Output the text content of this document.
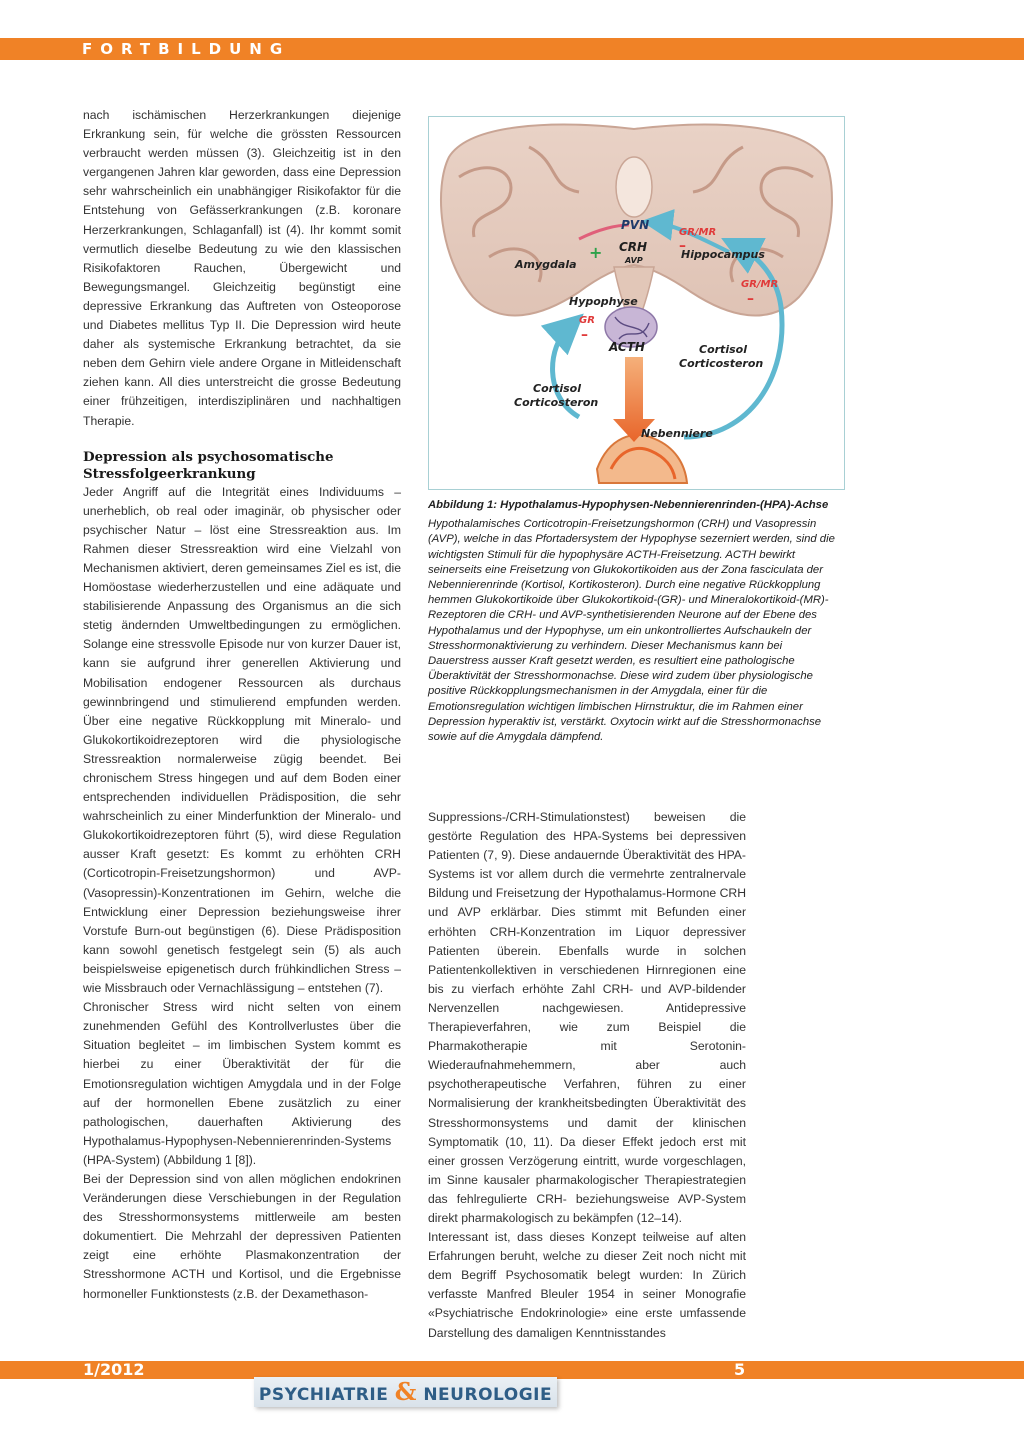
FORTBILDUNG

nach ischämischen Herzerkrankungen diejenige Erkrankung sein, für welche die grössten Ressourcen verbraucht werden müssen (3). Gleichzeitig ist in den vergangenen Jahren klar geworden, dass eine Depression sehr wahrscheinlich ein unabhängiger Risikofaktor für die Entstehung von Gefässerkrankungen (z.B. koronare Herzerkrankungen, Schlaganfall) ist (4). Ihr kommt somit vermutlich dieselbe Bedeutung zu wie den klassischen Risikofaktoren Rauchen, Übergewicht und Bewegungsmangel. Gleichzeitig begünstigt eine depressive Erkrankung das Auftreten von Osteoporose und Diabetes mellitus Typ II. Die Depression wird heute daher als systemische Erkrankung betrachtet, da sie neben dem Gehirn viele andere Organe in Mitleidenschaft ziehen kann. All dies unterstreicht die grosse Bedeutung einer frühzeitigen, interdisziplinären und nachhaltigen Therapie.

Depression als psychosomatische Stressfolgeerkrankung

Jeder Angriff auf die Integrität eines Individuums – unerheblich, ob real oder imaginär, ob physischer oder psychischer Natur – löst eine Stressreaktion aus. Im Rahmen dieser Stressreaktion wird eine Vielzahl von Mechanismen aktiviert, deren gemeinsames Ziel es ist, die Homöostase wiederherzustellen und eine adäquate und stabilisierende Anpassung des Organismus an die sich stetig ändernden Umweltbedingungen zu ermöglichen. Solange eine stressvolle Episode nur von kurzer Dauer ist, kann sie aufgrund ihrer generellen Aktivierung und Mobilisation endogener Ressourcen als durchaus gewinnbringend und stimulierend empfunden werden. Über eine negative Rückkopplung mit Mineralo- und Glukokortikoidrezeptoren wird die physiologische Stressreaktion normalerweise zügig beendet. Bei chronischem Stress hingegen und auf dem Boden einer entsprechenden individuellen Prädisposition, die sehr wahrscheinlich zu einer Minderfunktion der Mineralo- und Glukokortikoidrezeptoren führt (5), wird diese Regulation ausser Kraft gesetzt: Es kommt zu erhöhten CRH (Corticotropin-Freisetzungshormon) und AVP-(Vasopressin)-Konzentrationen im Gehirn, welche die Entwicklung einer Depression beziehungsweise ihrer Vorstufe Burn-out begünstigen (6). Diese Prädisposition kann sowohl genetisch festgelegt sein (5) als auch beispielsweise epigenetisch durch frühkindlichen Stress – wie Missbrauch oder Vernachlässigung – entstehen (7).

Chronischer Stress wird nicht selten von einem zunehmenden Gefühl des Kontrollverlustes über die Situation begleitet – im limbischen System kommt es hierbei zu einer Überaktivität der für die Emotionsregulation wichtigen Amygdala und in der Folge auf der hormonellen Ebene zusätzlich zu einer pathologischen, dauerhaften Aktivierung des Hypothalamus-Hypophysen-Nebennierenrinden-Systems (HPA-System) (Abbildung 1 [8]).

Bei der Depression sind von allen möglichen endokrinen Veränderungen diese Verschiebungen in der Regulation des Stresshormonsystems mittlerweile am besten dokumentiert. Die Mehrzahl der depressiven Patienten zeigt eine erhöhte Plasmakonzentration der Stresshormone ACTH und Kortisol, und die Ergebnisse hormoneller Funktionstests (z.B. der Dexamethason-

PVN
CRH
AVP
GR/MR
GR/MR
Amygdala
Hippocampus
Hypophyse
GR
ACTH
Cortisol
Corticosteron
Cortisol
Corticosteron
Nebenniere
+	–
–
–

Abbildung 1: Hypothalamus-Hypophysen-Nebennierenrinden-(HPA)-Achse

Hypothalamisches Corticotropin-Freisetzungshormon (CRH) und Vasopressin (AVP), welche in das Pfortadersystem der Hypophyse sezerniert werden, sind die wichtigsten Stimuli für die hypophysäre ACTH-Freisetzung. ACTH bewirkt seinerseits eine Freisetzung von Glukokortikoiden aus der Zona fasciculata der Nebennierenrinde (Kortisol, Kortikosteron). Durch eine negative Rückkopplung hemmen Glukokortikoide über Glukokortikoid-(GR)- und Mineralokortikoid-(MR)-Rezeptoren die CRH- und AVP-synthetisierenden Neurone auf der Ebene des Hypothalamus und der Hypophyse, um ein unkontrolliertes Aufschaukeln der Stresshormonaktivierung zu verhindern. Dieser Mechanismus kann bei Dauerstress ausser Kraft gesetzt werden, es resultiert eine pathologische Überaktivität der Stresshormonachse. Diese wird zudem über physiologische positive Rückkopplungsmechanismen in der Amygdala, einer für die Emotionsregulation wichtigen limbischen Hirnstruktur, die im Rahmen einer Depression hyperaktiv ist, verstärkt. Oxytocin wirkt auf die Stresshormonachse sowie auf die Amygdala dämpfend.

Suppressions-/CRH-Stimulationstest) beweisen die gestörte Regulation des HPA-Systems bei depressiven Patienten (7, 9). Diese andauernde Überaktivität des HPA-Systems ist vor allem durch die vermehrte zentralnervale Bildung und Freisetzung der Hypothalamus-Hormone CRH und AVP erklärbar. Dies stimmt mit Befunden einer erhöhten CRH-Konzentration im Liquor depressiver Patienten überein. Ebenfalls wurde in solchen Patientenkollektiven in verschiedenen Hirnregionen eine bis zu vierfach erhöhte Zahl CRH- und AVP-bildender Nervenzellen nachgewiesen. Antidepressive Therapieverfahren, wie zum Beispiel die Pharmakotherapie mit Serotonin-Wiederaufnahmehemmern, aber auch psychotherapeutische Verfahren, führen zu einer Normalisierung der krankheitsbedingten Überaktivität des Stresshormonsystems und damit der klinischen Symptomatik (10, 11). Da dieser Effekt jedoch erst mit einer grossen Verzögerung eintritt, wurde vorgeschlagen, im Sinne kausaler pharmakologischer Therapiestrategien das fehlregulierte CRH- beziehungsweise AVP-System direkt pharmakologisch zu bekämpfen (12–14).

Interessant ist, dass dieses Konzept teilweise auf alten Erfahrungen beruht, welche zu dieser Zeit noch nicht mit dem Begriff Psychosomatik belegt wurden: In Zürich verfasste Manfred Bleuler 1954 in seiner Monografie «Psychiatrische Endokrinologie» eine erste umfassende Darstellung des damaligen Kenntnisstandes

1/2012	5
PSYCHIATRIE & NEUROLOGIE
